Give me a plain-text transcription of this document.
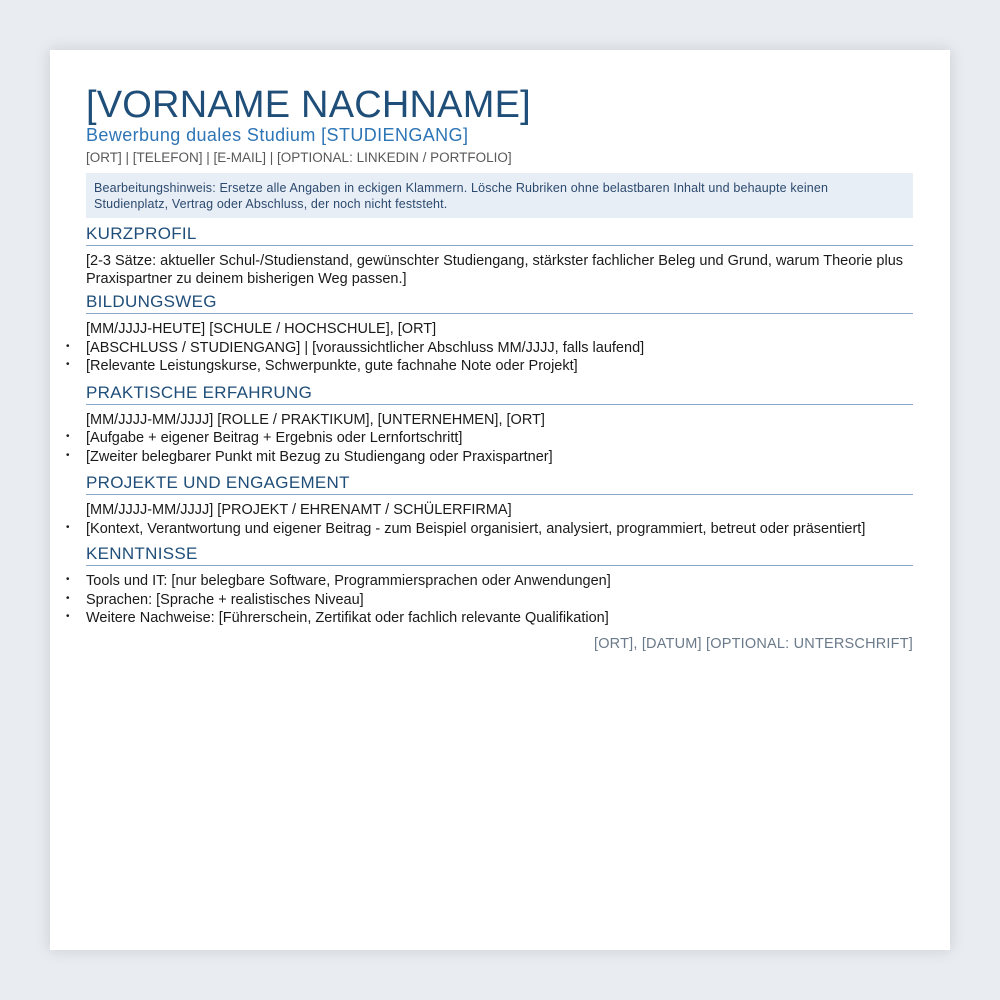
[VORNAME NACHNAME]
Bewerbung duales Studium [STUDIENGANG]
[ORT] | [TELEFON] | [E-MAIL] | [OPTIONAL: LINKEDIN / PORTFOLIO]
Bearbeitungshinweis: Ersetze alle Angaben in eckigen Klammern. Lösche Rubriken ohne belastbaren Inhalt und behaupte keinen Studienplatz, Vertrag oder Abschluss, der noch nicht feststeht.
KURZPROFIL
[2-3 Sätze: aktueller Schul-/Studienstand, gewünschter Studiengang, stärkster fachlicher Beleg und Grund, warum Theorie plus Praxispartner zu deinem bisherigen Weg passen.]
BILDUNGSWEG
[MM/JJJJ-HEUTE] [SCHULE / HOCHSCHULE], [ORT]
• [ABSCHLUSS / STUDIENGANG] | [voraussichtlicher Abschluss MM/JJJJ, falls laufend]
• [Relevante Leistungskurse, Schwerpunkte, gute fachnahe Note oder Projekt]
PRAKTISCHE ERFAHRUNG
[MM/JJJJ-MM/JJJJ] [ROLLE / PRAKTIKUM], [UNTERNEHMEN], [ORT]
• [Aufgabe + eigener Beitrag + Ergebnis oder Lernfortschritt]
• [Zweiter belegbarer Punkt mit Bezug zu Studiengang oder Praxispartner]
PROJEKTE UND ENGAGEMENT
[MM/JJJJ-MM/JJJJ] [PROJEKT / EHRENAMT / SCHÜLERFIRMA]
• [Kontext, Verantwortung und eigener Beitrag - zum Beispiel organisiert, analysiert, programmiert, betreut oder präsentiert]
KENNTNISSE
• Tools und IT: [nur belegbare Software, Programmiersprachen oder Anwendungen]
• Sprachen: [Sprache + realistisches Niveau]
• Weitere Nachweise: [Führerschein, Zertifikat oder fachlich relevante Qualifikation]
[ORT], [DATUM] [OPTIONAL: UNTERSCHRIFT]
